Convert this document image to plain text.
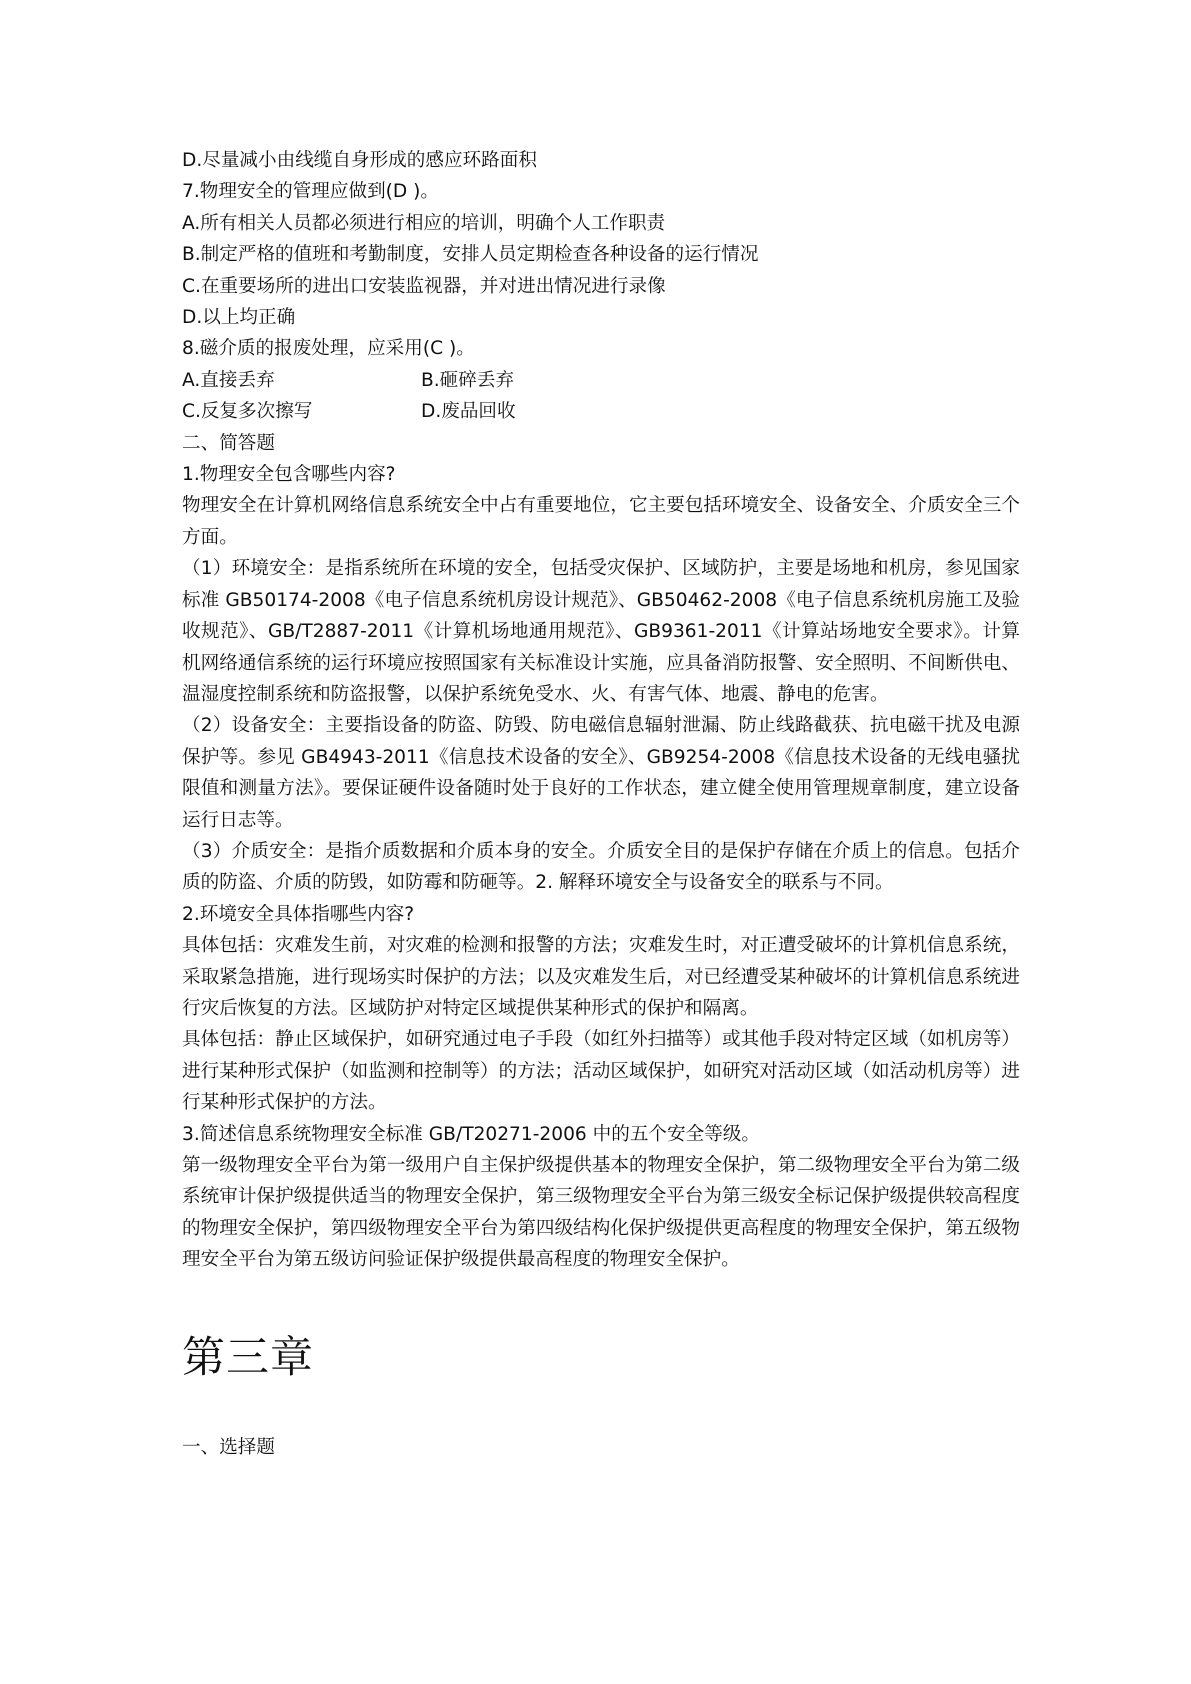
D.尽量减小由线缆自身形成的感应环路面积

7.物理安全的管理应做到(D )。

A.所有相关人员都必须进行相应的培训，明确个人工作职责

B.制定严格的值班和考勤制度，安排人员定期检查各种设备的运行情况

C.在重要场所的进出口安装监视器，并对进出情况进行录像

D.以上均正确

8.磁介质的报废处理，应采用(C )。

A.直接丢弃	B.砸碎丢弃
C.反复多次擦写	D.废品回收

二、简答题

1.物理安全包含哪些内容?

物理安全在计算机网络信息系统安全中占有重要地位，它主要包括环境安全、设备安全、介质安全三个方面。

（1）环境安全：是指系统所在环境的安全，包括受灾保护、区域防护，主要是场地和机房，参见国家标准 GB50174-2008《电子信息系统机房设计规范》、GB50462-2008《电子信息系统机房施工及验收规范》、GB/T2887-2011《计算机场地通用规范》、GB9361-2011《计算站场地安全要求》。计算机网络通信系统的运行环境应按照国家有关标准设计实施，应具备消防报警、安全照明、不间断供电、温湿度控制系统和防盗报警，以保护系统免受水、火、有害气体、地震、静电的危害。

（2）设备安全：主要指设备的防盗、防毁、防电磁信息辐射泄漏、防止线路截获、抗电磁干扰及电源保护等。参见 GB4943-2011《信息技术设备的安全》、GB9254-2008《信息技术设备的无线电骚扰限值和测量方法》。要保证硬件设备随时处于良好的工作状态，建立健全使用管理规章制度，建立设备运行日志等。

（3）介质安全：是指介质数据和介质本身的安全。介质安全目的是保护存储在介质上的信息。包括介质的防盗、介质的防毁，如防霉和防砸等。2. 解释环境安全与设备安全的联系与不同。

2.环境安全具体指哪些内容?

具体包括：灾难发生前，对灾难的检测和报警的方法；灾难发生时，对正遭受破坏的计算机信息系统，采取紧急措施，进行现场实时保护的方法；以及灾难发生后，对已经遭受某种破坏的计算机信息系统进行灾后恢复的方法。区域防护对特定区域提供某种形式的保护和隔离。

具体包括：静止区域保护，如研究通过电子手段（如红外扫描等）或其他手段对特定区域（如机房等）进行某种形式保护（如监测和控制等）的方法；活动区域保护，如研究对活动区域（如活动机房等）进行某种形式保护的方法。

3.简述信息系统物理安全标准 GB/T20271-2006 中的五个安全等级。

第一级物理安全平台为第一级用户自主保护级提供基本的物理安全保护，第二级物理安全平台为第二级系统审计保护级提供适当的物理安全保护，第三级物理安全平台为第三级安全标记保护级提供较高程度的物理安全保护，第四级物理安全平台为第四级结构化保护级提供更高程度的物理安全保护，第五级物理安全平台为第五级访问验证保护级提供最高程度的物理安全保护。

第三章

一、选择题
